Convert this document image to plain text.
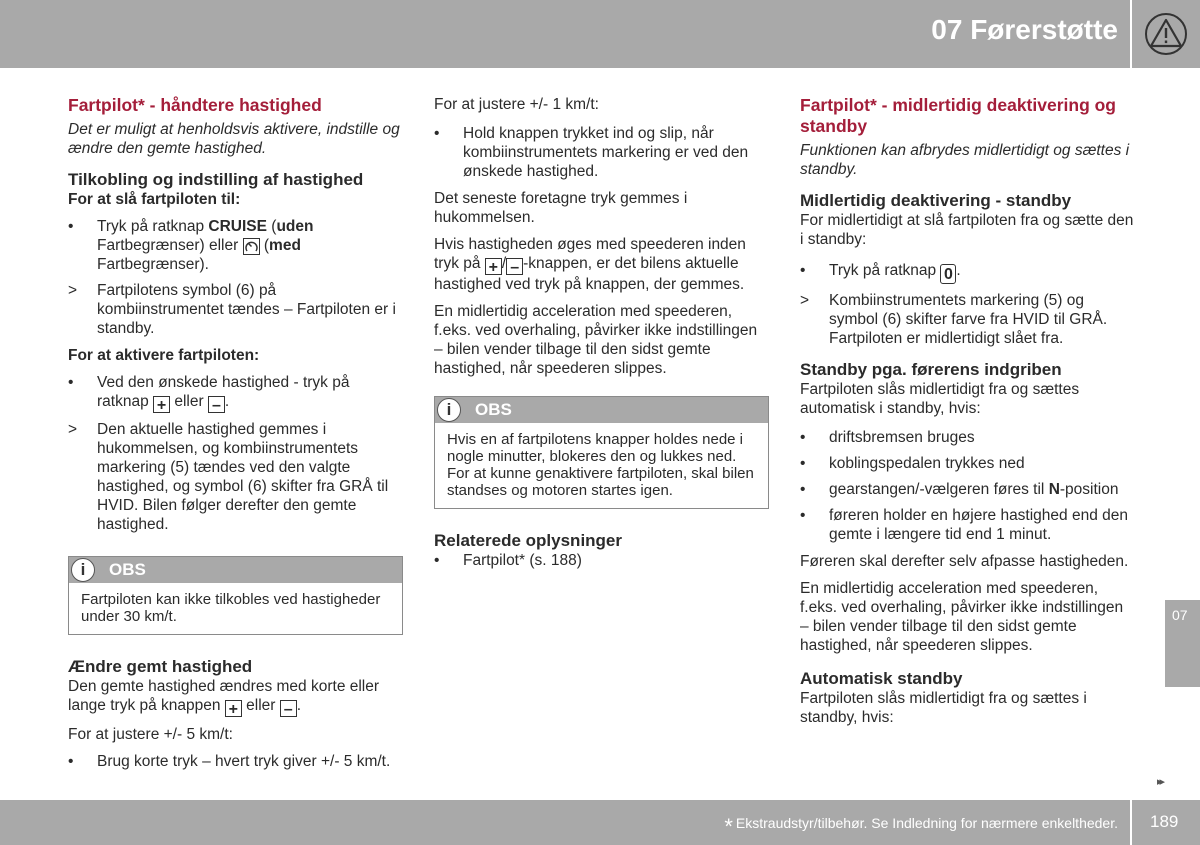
07 Førerstøtte
07
▸▸
* Ekstraudstyr/tilbehør. Se Indledning for nærmere enkeltheder. 189
Fartpilot* - håndtere hastighed
Det er muligt at henholdsvis aktivere, indstille og ændre den gemte hastighed.
Tilkobling og indstilling af hastighed
For at slå fartpiloten til:
• Tryk på ratknap CRUISE (uden Fartbegrænser) eller  (med Fartbegrænser).
> Fartpilotens symbol (6) på kombiinstrumentet tændes – Fartpiloten er i standby.
For at aktivere fartpiloten:
• Ved den ønskede hastighed - tryk på ratknap + eller – .
> Den aktuelle hastighed gemmes i hukommelsen, og kombiinstrumentets markering (5) tændes ved den valgte hastighed, og symbol (6) skifter fra GRÅ til HVID. Bilen følger derefter den gemte hastighed.
i	OBS
Fartpiloten kan ikke tilkobles ved hastigheder under 30 km/t.
Ændre gemt hastighed
Den gemte hastighed ændres med korte eller lange tryk på knappen + eller – .
For at justere +/- 5 km/t:
• Brug korte tryk – hvert tryk giver +/- 5 km/t.
For at justere +/- 1 km/t:
• Hold knappen trykket ind og slip, når kombiinstrumentets markering er ved den ønskede hastighed.
Det seneste foretagne tryk gemmes i hukommelsen.
Hvis hastigheden øges med speederen inden tryk på + / – -knappen, er det bilens aktuelle hastighed ved tryk på knappen, der gemmes.
En midlertidig acceleration med speederen, f.eks. ved overhaling, påvirker ikke indstillingen – bilen vender tilbage til den sidst gemte hastighed, når speederen slippes.
i	OBS
Hvis en af fartpilotens knapper holdes nede i nogle minutter, blokeres den og lukkes ned. For at kunne genaktivere fartpiloten, skal bilen standses og motoren startes igen.
Relaterede oplysninger
• Fartpilot* (s. 188)
Fartpilot* - midlertidig deaktivering og standby
Funktionen kan afbrydes midlertidigt og sættes i standby.
Midlertidig deaktivering - standby
For midlertidigt at slå fartpiloten fra og sætte den i standby:
• Tryk på ratknap 0 .
> Kombiinstrumentets markering (5) og symbol (6) skifter farve fra HVID til GRÅ. Fartpiloten er midlertidigt slået fra.
Standby pga. førerens indgriben
Fartpiloten slås midlertidigt fra og sættes automatisk i standby, hvis:
• driftsbremsen bruges
• koblingspedalen trykkes ned
• gearstangen/-vælgeren føres til N-position
• føreren holder en højere hastighed end den gemte i længere tid end 1 minut.
Føreren skal derefter selv afpasse hastigheden.
En midlertidig acceleration med speederen, f.eks. ved overhaling, påvirker ikke indstillingen – bilen vender tilbage til den sidst gemte hastighed, når speederen slippes.
Automatisk standby
Fartpiloten slås midlertidigt fra og sættes i standby, hvis:
